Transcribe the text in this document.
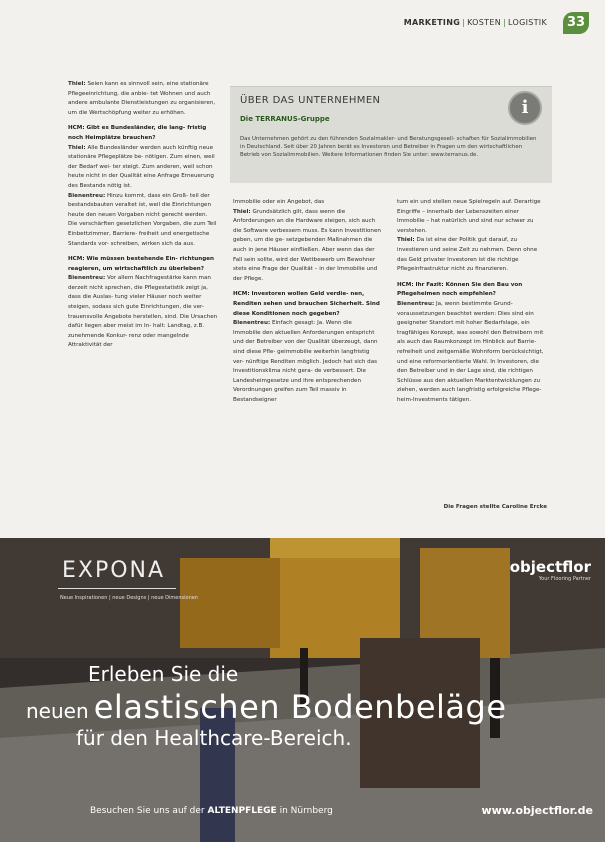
MARKETING | KOSTEN | LOGISTIK	33

Thiel: Seien kann es sinnvoll sein, eine stationäre Pflegeeinrichtung, die anbie- tet Wohnen und auch andere ambulante Dienstleistungen zu organisieren, um die Wertschöpfung weiter zu erhöhen.

HCM: Gibt es Bundesländer, die lang- fristig noch Heimplätze brauchen?

Thiel: Alle Bundesländer werden auch künftig neue stationäre Pflegeplätze be- nötigen. Zum einen, weil der Bedarf wei- ter steigt. Zum anderen, weil schon heute nicht in der Qualität eine Anfrage Erneuerung des Bestands nötig ist.

Bienentreu: Hinzu kommt, dass ein Groß- teil der bestandsbauten veraltet ist, weil die Einrichtungen heute den neuen Vorgaben nicht gerecht werden. Die verschärften gesetzlichen Vorgaben, die zum Teil Einbettzimmer, Barriere- freiheit und energetische Standards vor- schreiben, wirken sich da aus.

HCM: Wie müssen bestehende Ein- richtungen reagieren, um wirtschaftlich zu überleben?

Bienentreu: Vor allem Nachfragestärke kann man derzeit nicht sprechen, die Pflegestatistik zeigt ja, dass die Auslas- tung vieler Häuser noch weiter steigen, sodass sich gute Einrichtungen, die ver- trauensvolle Angebote herstellen, sind. Die Ursachen dafür liegen aber meist im In- halt: Landtag, z.B. zunehmende Konkur- renz oder mangelnde Attraktivität der

ÜBER DAS UNTERNEHMEN
Die TERRANUS-Gruppe
Das Unternehmen gehört zu den führenden Sozialmakler- und Beratungsgesell- schaften für Sozialimmobilien in Deutschland. Seit über 20 Jahren berät es Investoren und Betreiber in Fragen um den wirtschaftlichen Betrieb von Sozialimmobilien. Weitere Informationen finden Sie unter: www.terranus.de.
i

Immobilie oder ein Angebot, das

Thiel: Grundsätzlich gilt, dass wenn die Anforderungen an die Hardware steigen, sich auch die Software verbessern muss. Es kann Investitionen geben, um die ge- setzgebenden Maßnahmen die auch in jene Häuser einfließen. Aber wenn das der Fall sein sollte, wird der Wettbewerb um Bewohner stets eine Frage der Qualität – in der Immobilie und der Pflege.

HCM: Investoren wollen Geld verdie- nen, Renditen sehen und brauchen Sicherheit. Sind diese Konditionen noch gegeben?

Bienentreu: Einfach gesagt: Ja. Wenn die Immobilie den aktuellen Anforderungen entspricht und der Betreiber von der Qualität überzeugt, dann sind diese Pfle- geimmobilie weiterhin langfristig ver- nünftige Renditen möglich. Jedoch hat sich das Investitionsklima nicht gera- de verbessert. Die Landesheimgesetze und ihre entsprechenden Verordnungen greifen zum Teil massiv in Bestandseigner

tum ein und stellen neue Spielregeln auf. Derartige Eingriffe – innerhalb der Lebenszeiten einer Immobilie – hat natürlich und sind nur schwer zu verstehen.

Thiel: Da ist eine der Politik gut darauf, zu investieren und seine Zeit zu nehmen. Denn ohne das Geld privater Investoren ist die richtige Pflegeinfrastruktur nicht zu finanzieren.

HCM: Ihr Fazit: Können Sie den Bau von Pflegeheimen noch empfehlen?

Bienentreu: Ja, wenn bestimmte Grund- voraussetzungen beachtet werden: Dies sind ein geeigneter Standort mit hoher Bedarfslage, ein tragfähiges Konzept, was sowohl den Betreibern mit als auch das Raumkonzept im Hinblick auf Barrie- refreiheit und zeitgemäße Wohnform berücksichtigt, und eine reformorientierte Wahl. In Investoren, die den Betreiber und in der Lage sind, die richtigen Schlüsse aus den aktuellen Marktentwicklungen zu ziehen, werden auch langfristig erfolgreiche Pflege- heim-Investments tätigen.

Die Fragen stellte Caroline Ercke
EXPONA
Neue Inspirationen | neue Designs | neue Dimensionen
objectflor
Your Flooring Partner
Erleben Sie die
neuen elastischen Bodenbeläge
für den Healthcare-Bereich.
Besuchen Sie uns auf der ALTENPFLEGE in Nürnberg	www.objectflor.de
